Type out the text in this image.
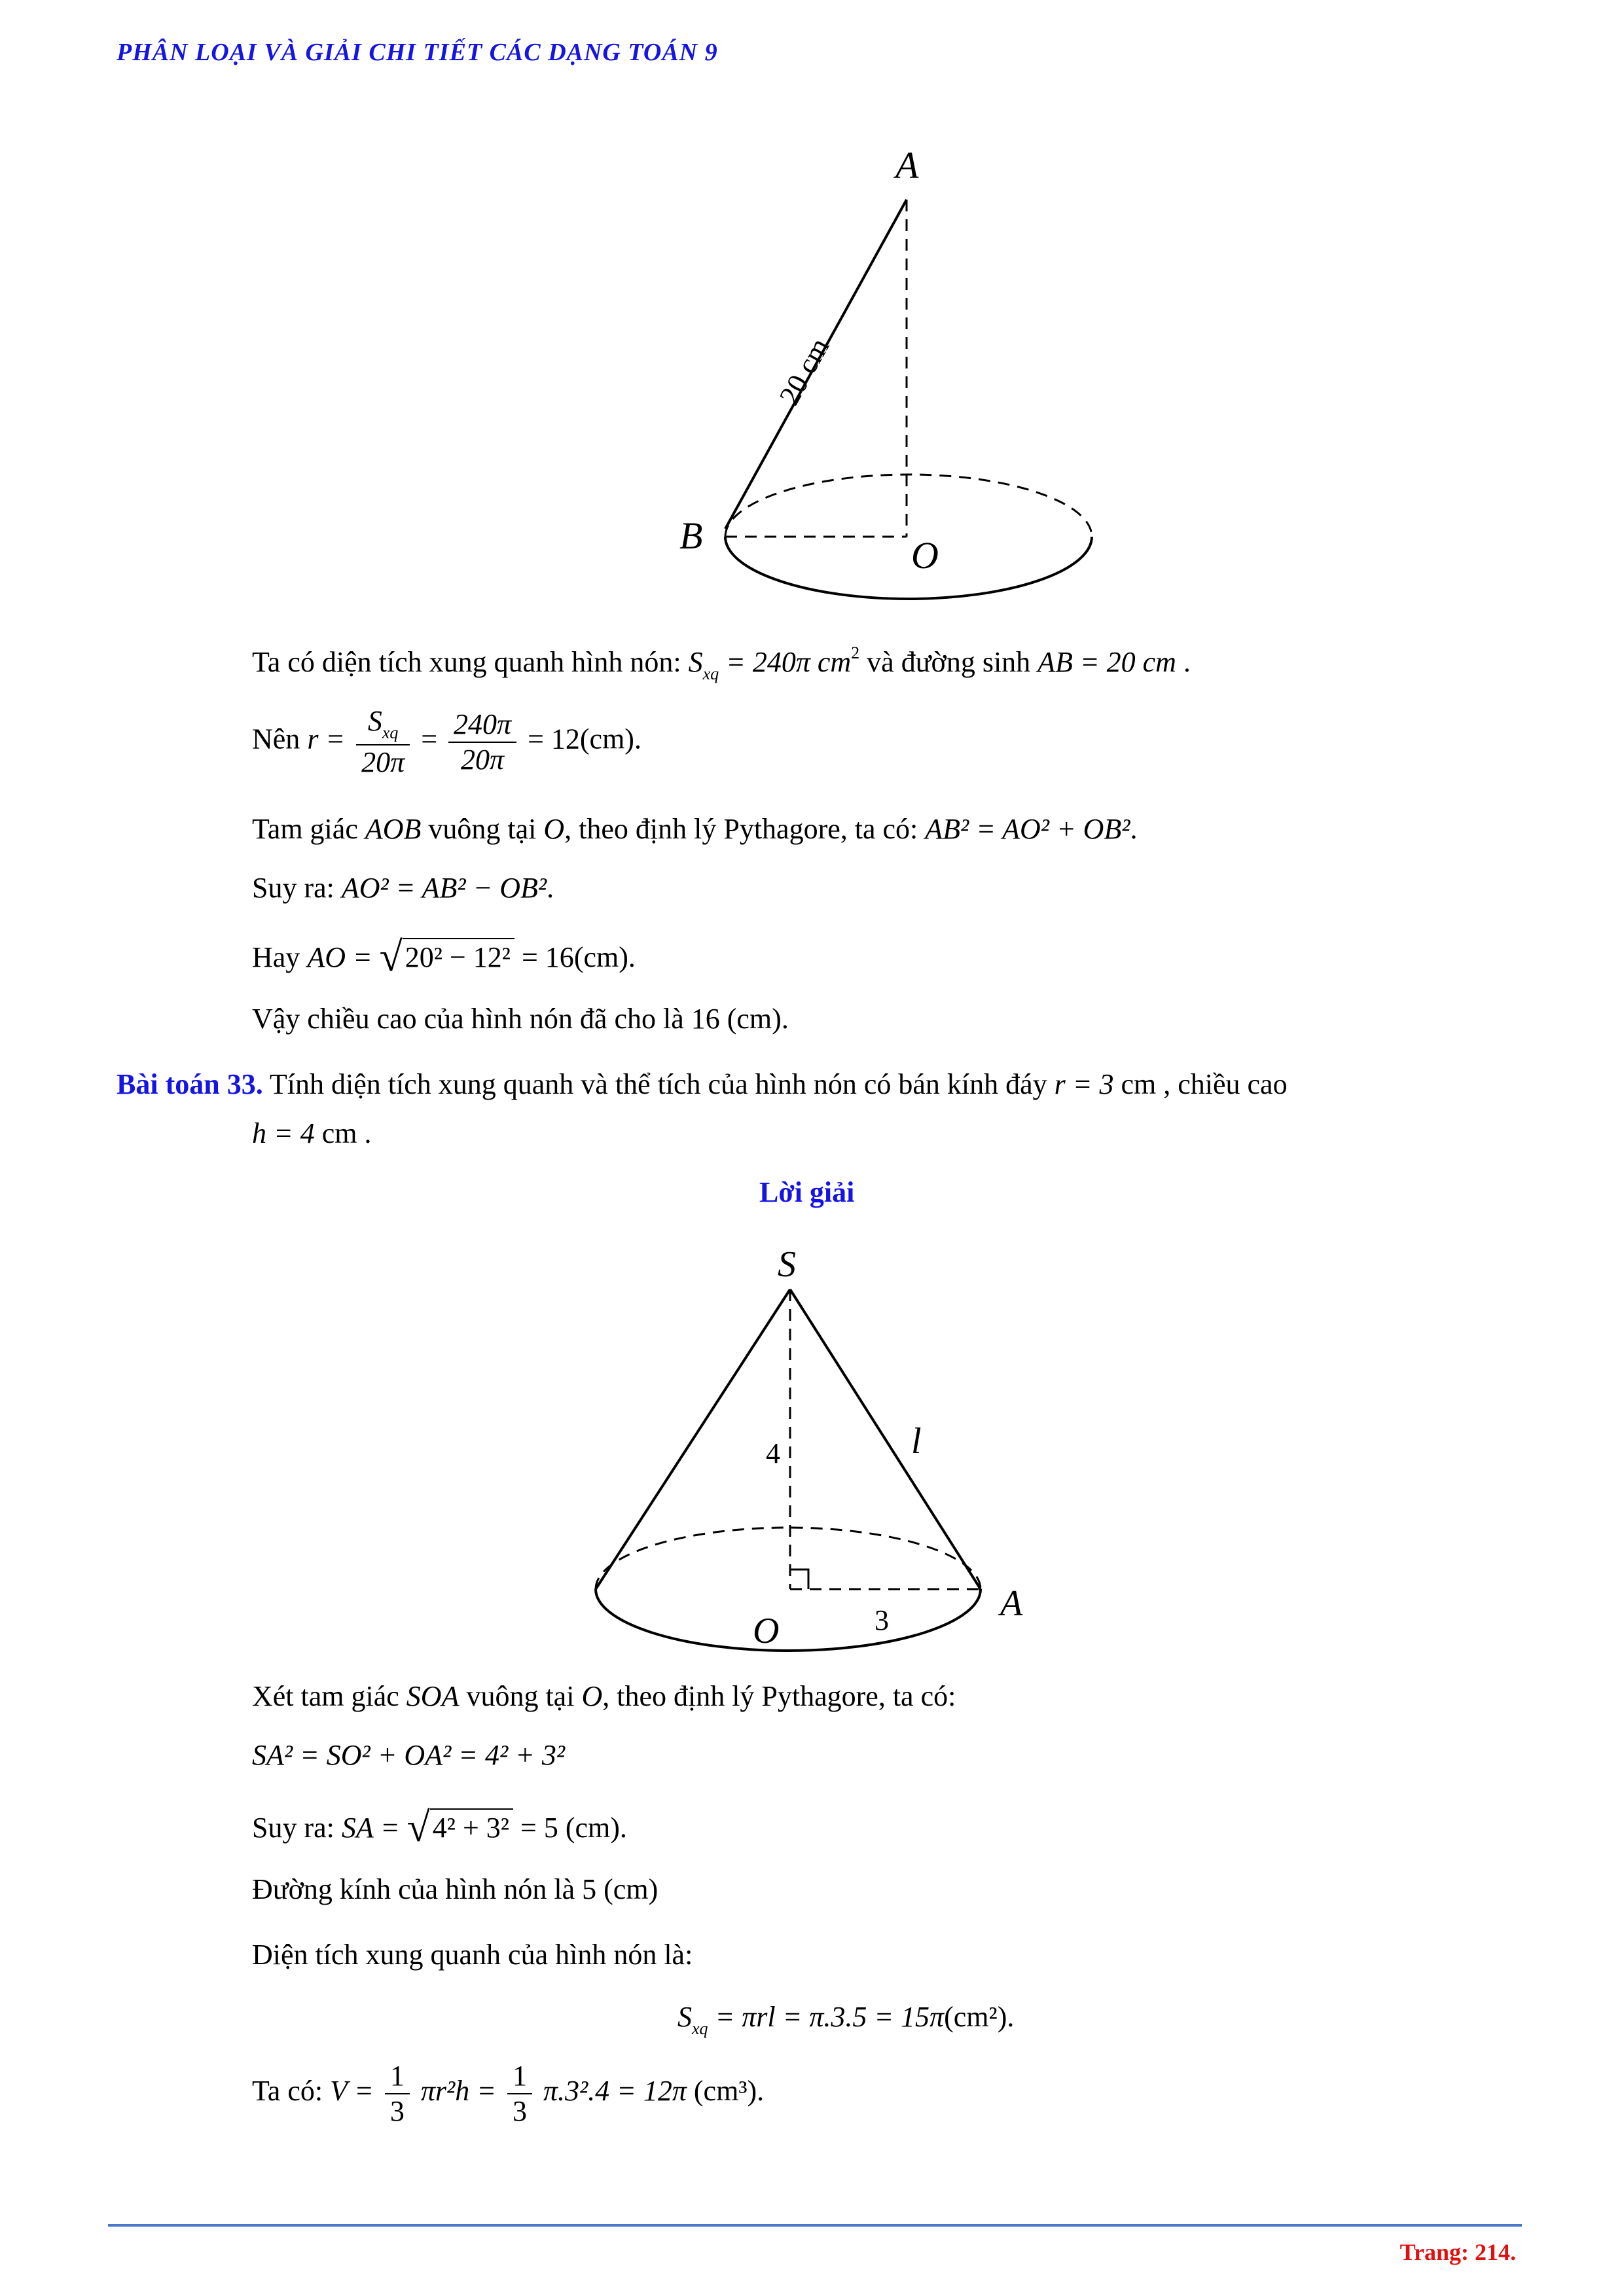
PHÂN LOẠI VÀ GIẢI CHI TIẾT CÁC DẠNG TOÁN 9
A
B	O
20 cm
Ta có diện tích xung quanh hình nón: $S_{xq} = 240\pi$ $cm^2$ và đường sinh AB = 20 cm .
Nên $r = \frac{S_{xq}}{20\pi} = \frac{240\pi}{20\pi} = 12(cm)$.
Tam giác AOB vuông tại O, theo định lý Pythagore, ta có: AB² = AO² + OB².
Suy ra: AO² = AB² − OB².
Hay AO = √20² − 12² = 16(cm).
Vậy chiều cao của hình nón đã cho là 16 (cm).
Bài toán 33. Tính diện tích xung quanh và thể tích của hình nón có bán kính đáy r = 3 cm , chiều cao
h = 4 cm .
Lời giải
S
l
4
O	3	A
Xét tam giác SOA vuông tại O, theo định lý Pythagore, ta có:
SA² = SO² + OA² = 4² + 3²
Suy ra: SA = √4² + 3² = 5 (cm).
Đường kính của hình nón là 5 (cm)
Diện tích xung quanh của hình nón là:
$S_{xq} = \pi rl = \pi.3.5 = 15\pi(cm^2)$.
Ta có: $V = \frac{1}{3} \pi r^2h = \frac{1}{3} \pi.3^2.4 = 12\pi$ (cm³).
Trang: 214.
